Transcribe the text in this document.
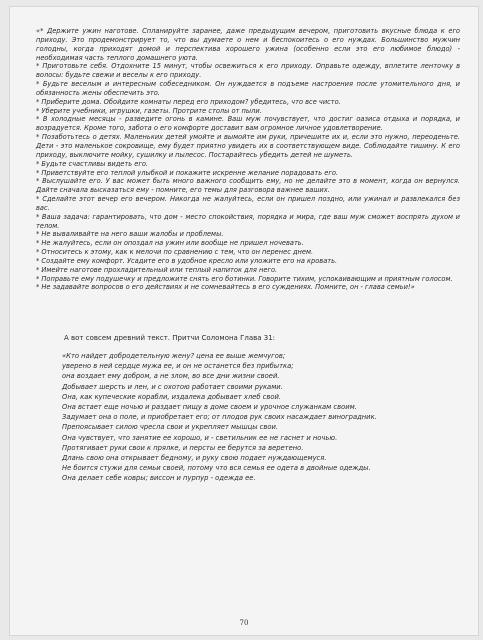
«* Держите ужин наготове. Спланируйте заранее, даже предыдущим вечером, приготовить вкусные блюда к его приходу. Это продемонстрирует то, что вы думаете о нем и беспокоитесь о его нуждах. Большинство мужчин голодны, когда приходят домой и перспектива хорошего ужина (особенно если это его любимое блюдо) - необходимая часть теплого домашнего уюта.

* Приготовьте себя. Отдохните 15 минут, чтобы освежиться к его приходу. Оправьте одежду, вплетите ленточку в волосы: будьте свежи и веселы к его приходу.

* Будьте веселым и интересным собеседником. Он нуждается в подъеме настроения после утомительного дня, и обязанность жены обеспечить это.

* Приберите дома. Обойдите комнаты перед его приходом? убедитесь, что все чисто.

* Уберите учебники, игрушки, газеты. Протрите столы от пыли.

* В холодные месяцы - разведите огонь в камине. Ваш муж почувствует, что достиг оазиса отдыха и порядка, и возрадуется. Кроме того, забота о его комфорте доставит вам огромное личное удовлетворение.

* Позаботьтесь о детях. Маленьких детей умойте и вымойте им руки, причешите их и, если это нужно, переоденьте. Дети - это маленькое сокровище, ему будет приятно увидеть их в соответствующем виде. Соблюдайте тишину. К его приходу, выключите мойку, сушилку и пылесос. Постарайтесь убедить детей не шуметь.

* Будьте счастливы видеть его.

* Приветствуйте его теплой улыбкой и покажите искренне желание порадовать его.

* Выслушайте его. У вас может быть много важного сообщить ему, но не делайте это в момент, когда он вернулся. Дайте сначала высказаться ему - помните, его темы для разговора важнее ваших.

* Сделайте этот вечер его вечером. Никогда не жалуйтесь, если он пришел поздно, или ужинал и развлекался без вас.

* Ваша задача: гарантировать, что дом - место спокойствия, порядка и мира, где ваш муж сможет воспрять духом и телом.

* Не вываливайте на него ваши жалобы и проблемы.

* Не жалуйтесь, если он опоздал на ужин или вообще не пришел ночевать.

* Относитесь к этому, как к мелочи по сравнению с тем, что он перенес днем.

* Создайте ему комфорт. Усадите его в удобное кресло или уложите его на кровать.

* Имейте наготове прохладительный или теплый напиток для него.

* Поправьте ему подушечку и предложите снять его ботинки. Говорите тихим, успокаивающим и приятным голосом.

* Не задавайте вопросов о его действиях и не сомневайтесь в его суждениях. Помните, он - глава семьи!»

А вот совсем древний текст. Притчи Соломона Глава 31:

«Кто найдет добродетельную жену? цена ее выше жемчугов;

уверено в ней сердце мужа ее, и он не останется без прибытка;

она воздает ему добром, а не злом, во все дни жизни своей.

Добывает шерсть и лен, и с охотою работает своими руками.

Она, как купеческие корабли, издалека добывает хлеб свой.

Она встает еще ночью и раздает пищу в доме своем и урочное служанкам своим.

Задумает она о поле, и приобретает его; от плодов рук своих насаждает виноградник.

Препоясывает силою чресла свои и укрепляет мышцы свои.

Она чувствует, что занятие ее хорошо, и - светильник ее не гаснет и ночью.

Протягивает руки свои к прялке, и персты ее берутся за веретено.

Длань свою она открывает бедному, и руку свою подает нуждающемуся.

Не боится стужи для семьи своей, потому что вся семья ее одета в двойные одежды.

Она делает себе ковры; виссон и пурпур - одежда ее.

70
